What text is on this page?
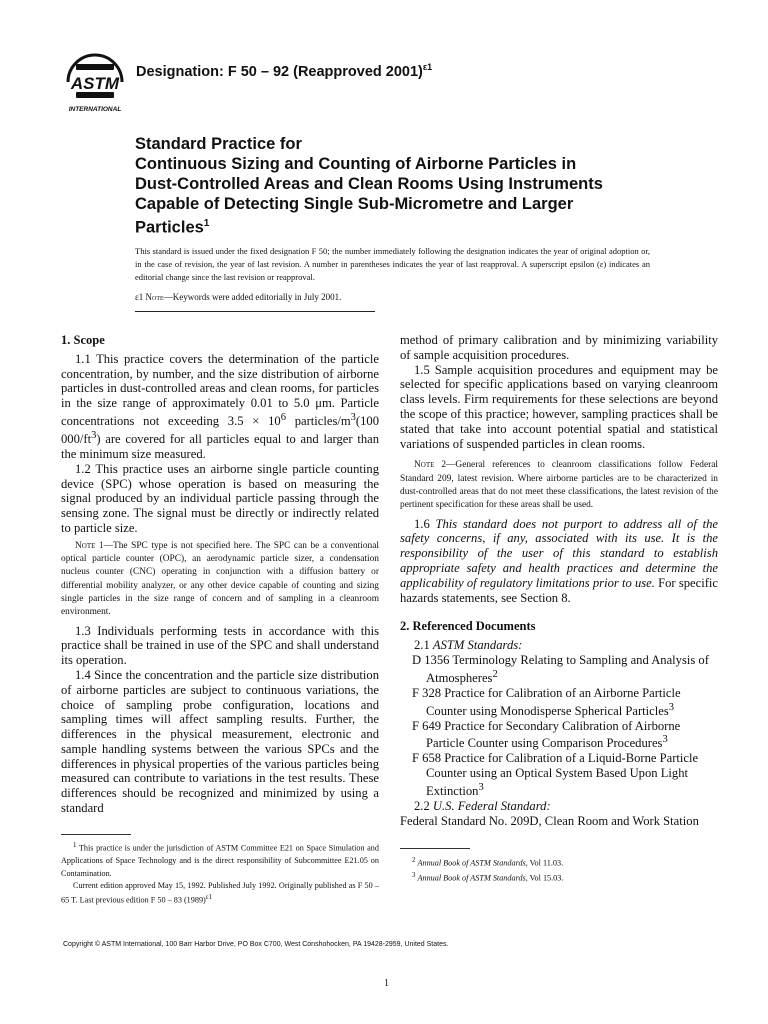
ASTM
INTERNATIONAL
Designation: F 50 – 92 (Reapproved 2001)$^{\varepsilon 1}$
Standard Practice for
Continuous Sizing and Counting of Airborne Particles in
Dust-Controlled Areas and Clean Rooms Using Instruments
Capable of Detecting Single Sub-Micrometre and Larger
Particles$^1$
This standard is issued under the fixed designation F 50; the number immediately following the designation indicates the year of original adoption or, in the case of revision, the year of last revision. A number in parentheses indicates the year of last reapproval. A superscript epsilon (ε) indicates an editorial change since the last revision or reapproval.
ε1 Note—Keywords were added editorially in July 2001.

1. Scope

1.1 This practice covers the determination of the particle concentration, by number, and the size distribution of airborne particles in dust-controlled areas and clean rooms, for particles in the size range of approximately 0.01 to 5.0 μm. Particle concentrations not exceeding $3.5 \times 10^6$ particles/$m^3(100$ $000/ft^3$) are covered for all particles equal to and larger than the minimum size measured.

1.2 This practice uses an airborne single particle counting device (SPC) whose operation is based on measuring the signal produced by an individual particle passing through the sensing zone. The signal must be directly or indirectly related to particle size.

Note 1—The SPC type is not specified here. The SPC can be a conventional optical particle counter (OPC), an aerodynamic particle sizer, a condensation nucleus counter (CNC) operating in conjunction with a diffusion battery or differential mobility analyzer, or any other device capable of counting and sizing single particles in the size range of concern and of sampling in a cleanroom environment.

1.3 Individuals performing tests in accordance with this practice shall be trained in use of the SPC and shall understand its operation.

1.4 Since the concentration and the particle size distribution of airborne particles are subject to continuous variations, the choice of sampling probe configuration, locations and sampling times will affect sampling results. Further, the differences in the physical measurement, electronic and sample handling systems between the various SPCs and the differences in physical properties of the various particles being measured can contribute to variations in the test results. These differences should be recognized and minimized by using a standard

method of primary calibration and by minimizing variability of sample acquisition procedures.

1.5 Sample acquisition procedures and equipment may be selected for specific applications based on varying cleanroom class levels. Firm requirements for these selections are beyond the scope of this practice; however, sampling practices shall be stated that take into account potential spatial and statistical variations of suspended particles in clean rooms.

Note 2—General references to cleanroom classifications follow Federal Standard 209, latest revision. Where airborne particles are to be characterized in dust-controlled areas that do not meet these classifications, the latest revision of the pertinent specification for these areas shall be used.

1.6 This standard does not purport to address all of the safety concerns, if any, associated with its use. It is the responsibility of the user of this standard to establish appropriate safety and health practices and determine the applicability of regulatory limitations prior to use. For specific hazards statements, see Section 8.

2. Referenced Documents

2.1 ASTM Standards:

D 1356 Terminology Relating to Sampling and Analysis of Atmospheres$^2$

F 328 Practice for Calibration of an Airborne Particle Counter using Monodisperse Spherical Particles$^3$

F 649 Practice for Secondary Calibration of Airborne Particle Counter using Comparison Procedures$^3$

F 658 Practice for Calibration of a Liquid-Borne Particle Counter using an Optical System Based Upon Light Extinction$^3$

2.2 U.S. Federal Standard:

Federal Standard No. 209D, Clean Room and Work Station

$^1$ This practice is under the jurisdiction of ASTM Committee E21 on Space Simulation and Applications of Space Technology and is the direct responsibility of Subcommittee E21.05 on Contamination.

Current edition approved May 15, 1992. Published July 1992. Originally published as F 50 – 65 T. Last previous edition F 50 – 83 $(1989)^{\varepsilon 1}$

$^2$ Annual Book of ASTM Standards, Vol 11.03.

$^3$ Annual Book of ASTM Standards, Vol 15.03.

Copyright © ASTM International, 100 Barr Harbor Drive, PO Box C700, West Conshohocken, PA 19428-2959, United States.
1
